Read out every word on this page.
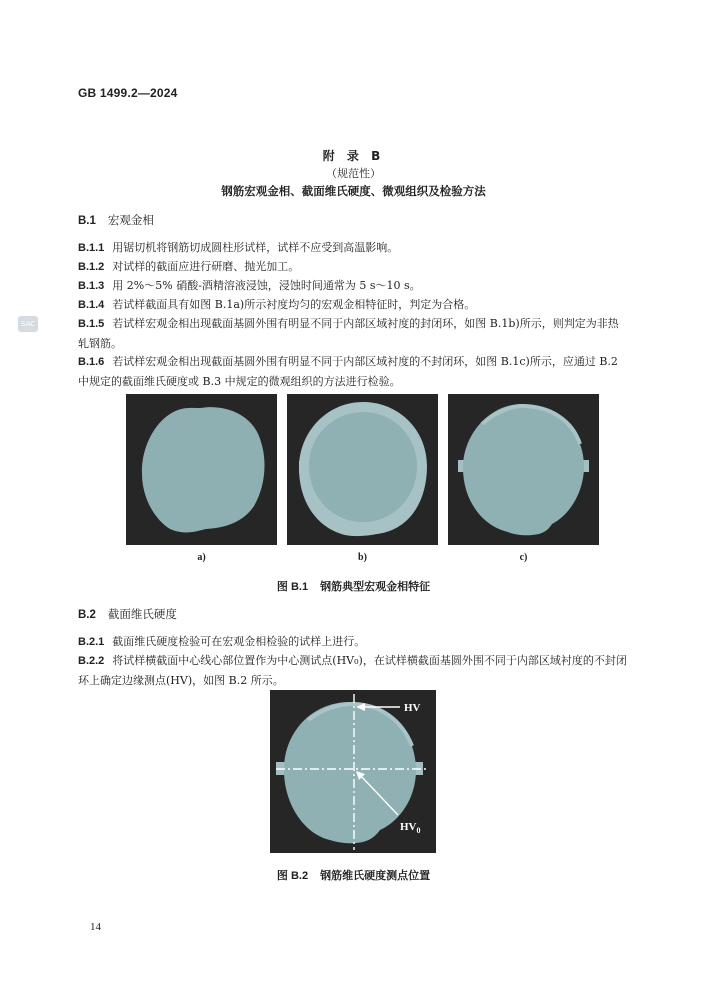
GB 1499.2—2024
附 录 B
（规范性）
钢筋宏观金相、截面维氏硬度、微观组织及检验方法
B.1 宏观金相
B.1.1 用锯切机将钢筋切成圆柱形试样，试样不应受到高温影响。
B.1.2 对试样的截面应进行研磨、抛光加工。
B.1.3 用 2%～5% 硝酸-酒精溶液浸蚀，浸蚀时间通常为 5 s～10 s。
B.1.4 若试样截面具有如图 B.1a)所示衬度均匀的宏观金相特征时，判定为合格。
B.1.5 若试样宏观金相出现截面基圆外围有明显不同于内部区域衬度的封闭环，如图 B.1b)所示，则判定为非热轧钢筋。
B.1.6 若试样宏观金相出现截面基圆外围有明显不同于内部区域衬度的不封闭环，如图 B.1c)所示，应通过 B.2 中规定的截面维氏硬度或 B.3 中规定的微观组织的方法进行检验。
SAC
a)	b)	c)
图 B.1 钢筋典型宏观金相特征
B.2 截面维氏硬度
B.2.1 截面维氏硬度检验可在宏观金相检验的试样上进行。
B.2.2 将试样横截面中心线心部位置作为中心测试点(HV₀)，在试样横截面基圆外围不同于内部区域衬度的不封闭环上确定边缘测点(HV)，如图 B.2 所示。
HV
$HV_0$
图 B.2 钢筋维氏硬度测点位置
14
